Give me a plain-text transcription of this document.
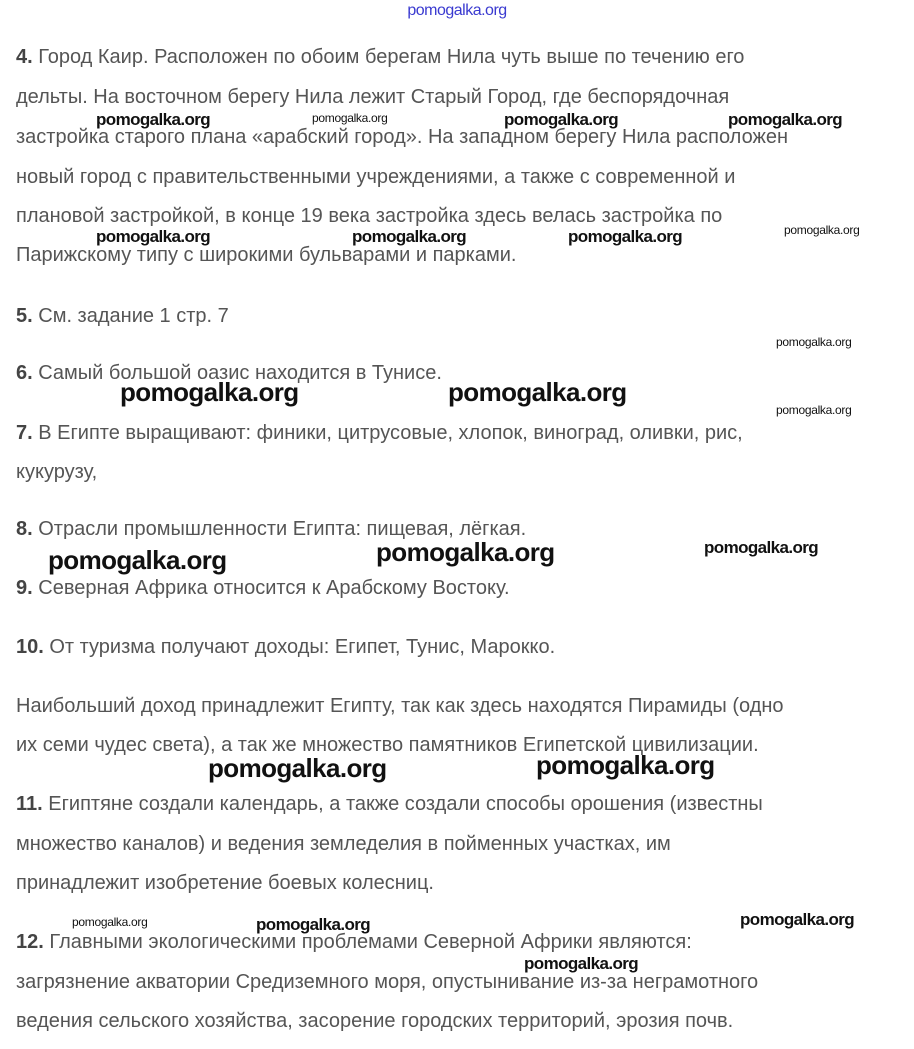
pomogalka.org
4. Город Каир. Расположен по обоим берегам Нила чуть выше по течению его
дельты. На восточном берегу Нила лежит Старый Город, где беспорядочная
застройка старого плана «арабский город». На западном берегу Нила расположен
новый город с правительственными учреждениями, а также с современной и
плановой застройкой, в конце 19 века застройка здесь велась застройка по
Парижскому типу с широкими бульварами и парками.
5. См. задание 1 стр. 7
6. Самый большой оазис находится в Тунисе.
7. В Египте выращивают: финики, цитрусовые, хлопок, виноград, оливки, рис,
кукурузу,
8. Отрасли промышленности Египта: пищевая, лёгкая.
9. Северная Африка относится к Арабскому Востоку.
10. От туризма получают доходы: Египет, Тунис, Марокко.
Наибольший доход принадлежит Египту, так как здесь находятся Пирамиды (одно
их семи чудес света), а так же множество памятников Египетской цивилизации.
11. Египтяне создали календарь, а также создали способы орошения (известны
множество каналов) и ведения земледелия в пойменных участках, им
принадлежит изобретение боевых колесниц.
12. Главными экологическими проблемами Северной Африки являются:
загрязнение акватории Средиземного моря, опустынивание из-за неграмотного
ведения сельского хозяйства, засорение городских территорий, эрозия почв.
pomogalka.org	pomogalka.org	pomogalka.org	pomogalka.org
pomogalka.org	pomogalka.org	pomogalka.org	pomogalka.org
pomogalka.org
pomogalka.org	pomogalka.org
pomogalka.org
pomogalka.org	pomogalka.org	pomogalka.org
pomogalka.org	pomogalka.org
pomogalka.org	pomogalka.org	pomogalka.org
pomogalka.org
